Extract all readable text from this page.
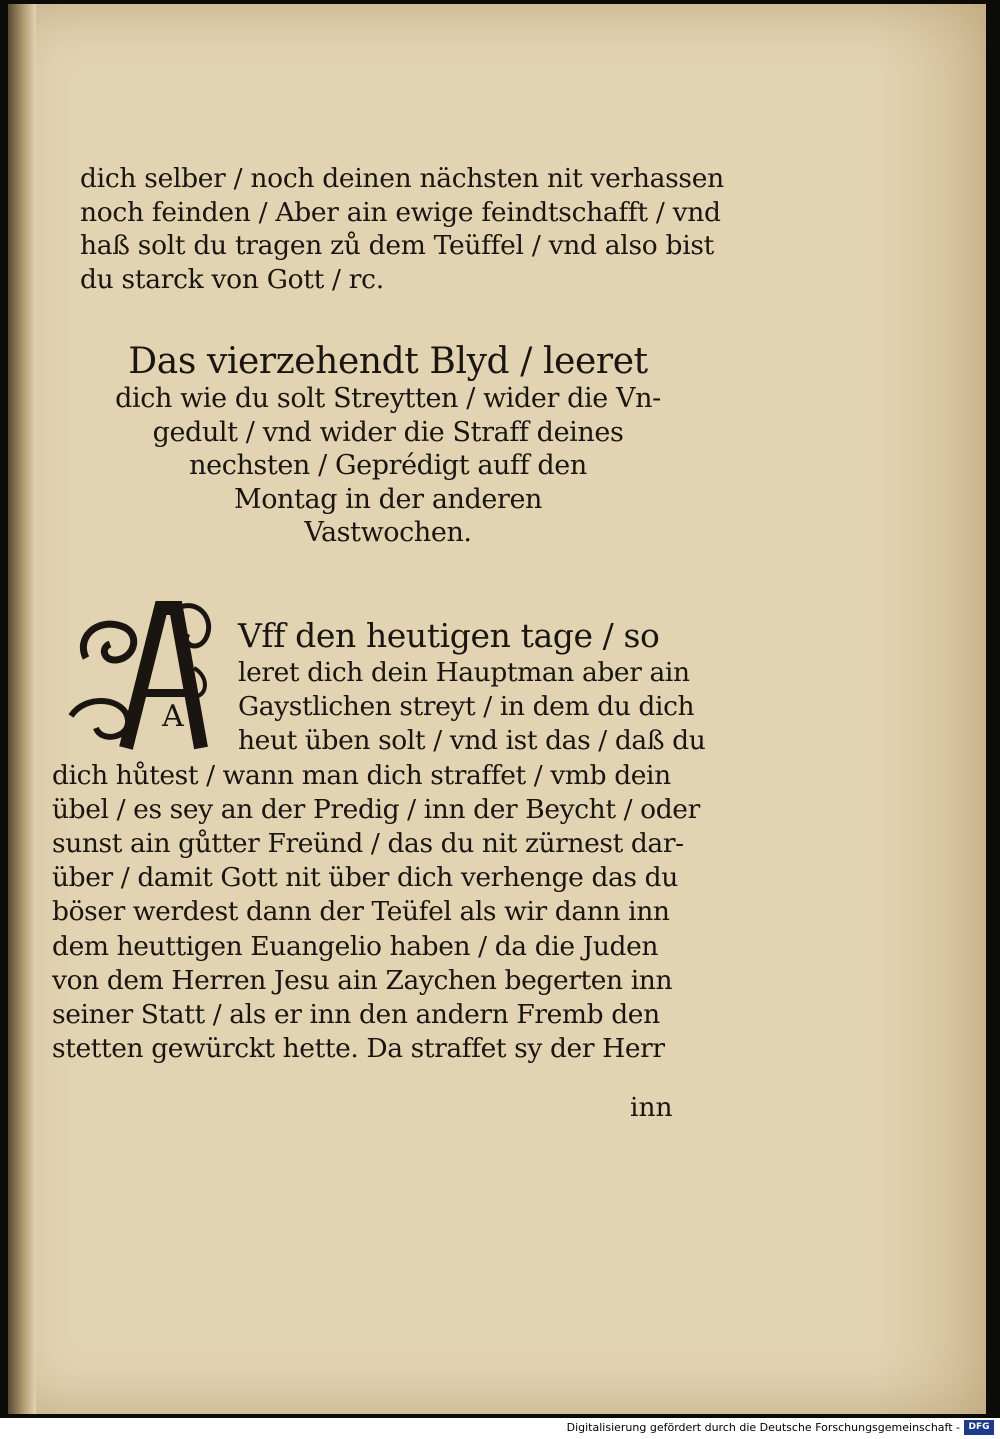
dich selber / noch deinen nächsten nit verhassen
noch feinden / Aber ain ewige feindtschafft / vnd
haß solt du tragen zů dem Teüffel / vnd also bist
du starck von Gott / rc.
Das vierzehendt Blyd / leeret
dich wie du solt Streytten / wider die Vn-
gedult / vnd wider die Straff deines
nechsten / Geprédigt auff den
Montag in der anderen
Vastwochen.
A
Vff den heutigen tage / so
leret dich dein Hauptman aber ain
Gaystlichen streyt / in dem du dich
heut üben solt / vnd ist das / daß du
dich hůtest / wann man dich straffet / vmb dein
übel / es sey an der Predig / inn der Beycht / oder
sunst ain gůtter Freünd / das du nit zürnest dar-
über / damit Gott nit über dich verhenge das du
böser werdest dann der Teüfel als wir dann inn
dem heuttigen Euangelio haben / da die Juden
von dem Herren Jesu ain Zaychen begerten inn
seiner Statt / als er inn den andern Fremb den
stetten gewürckt hette. Da straffet sy der Herr
inn
Digitalisierung gefördert durch die Deutsche Forschungsgemeinschaft - DFG
